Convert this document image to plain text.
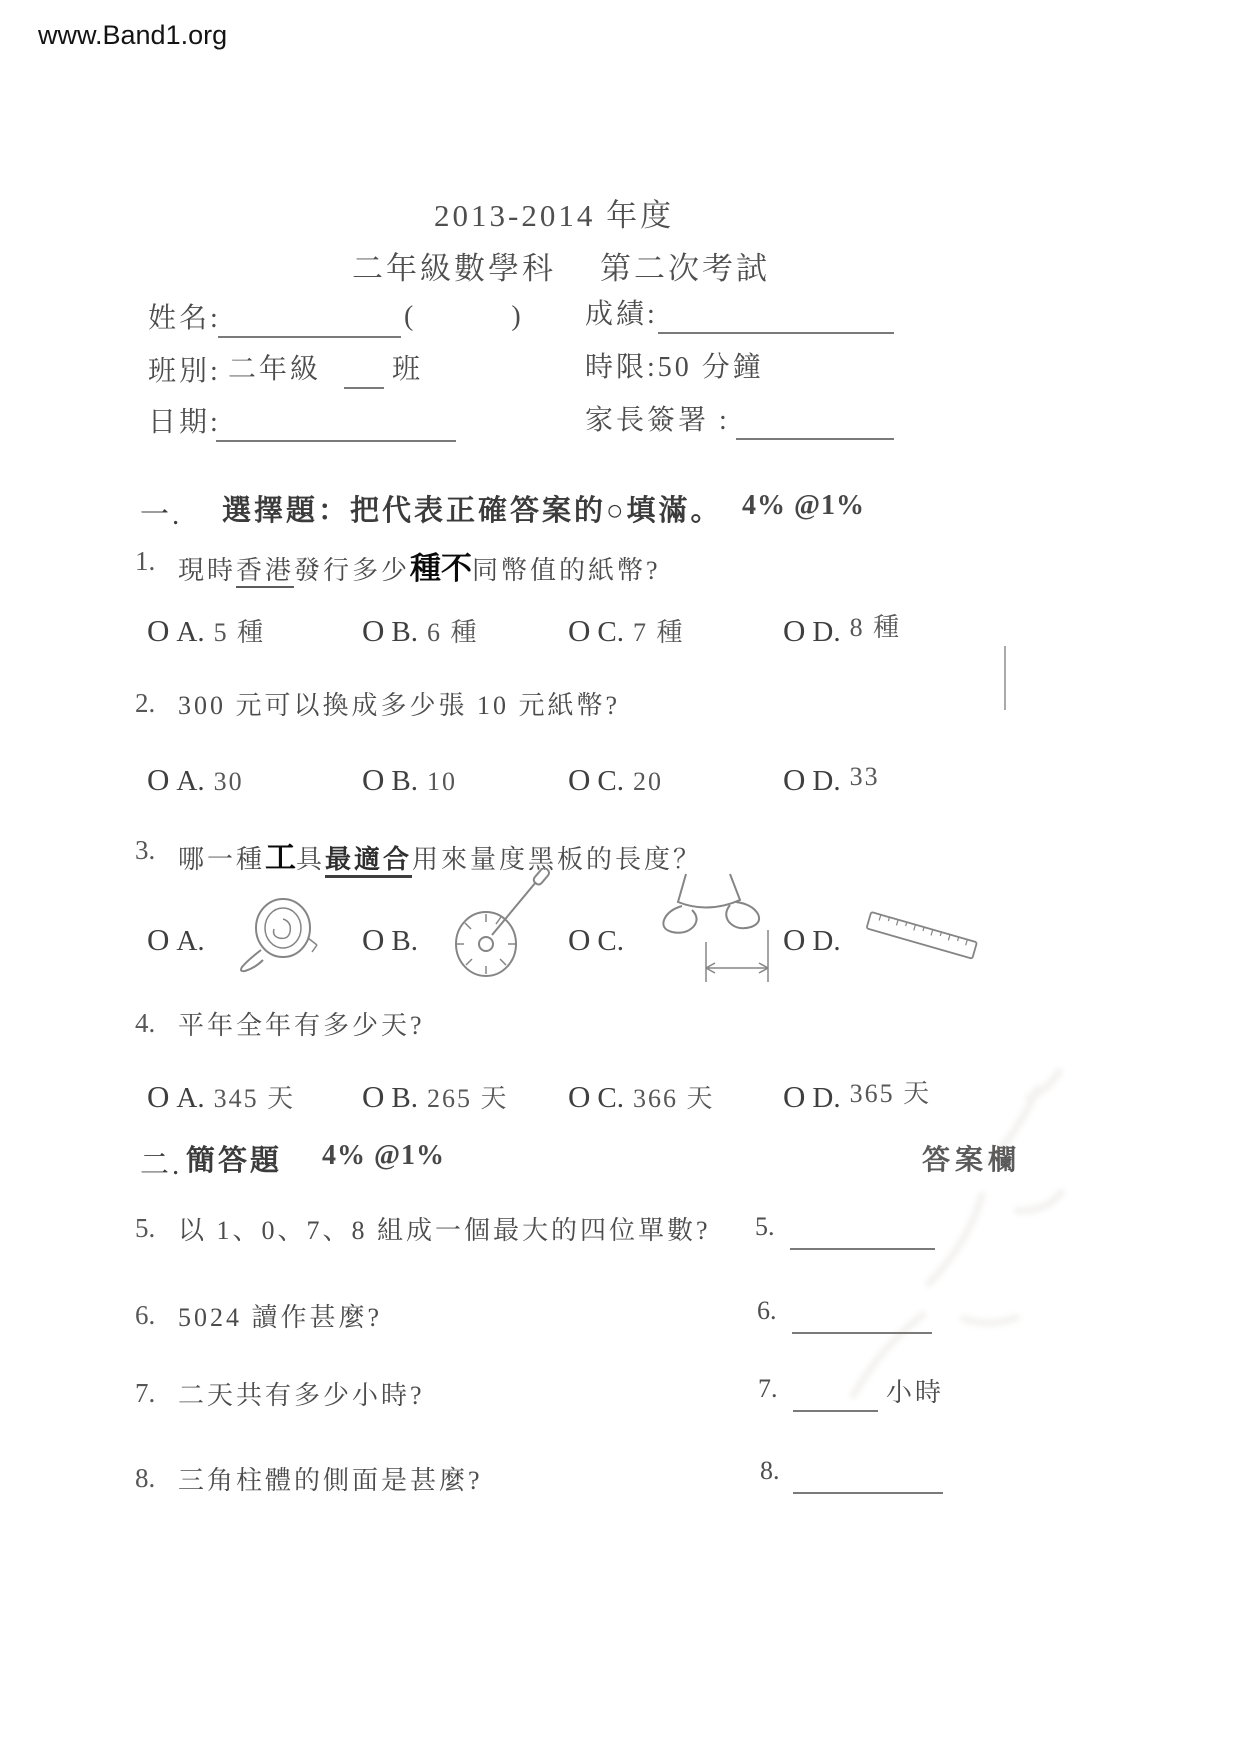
www.Band1.org
2013-2014 年度
二年級數學科 第二次考試
姓名:	(　　) 成績:
班別: 二年級	班	時限:50 分鐘
日期:	家長簽署 :
一. 選擇題：把代表正確答案的○填滿。 4% @1%
1. 現時香港發行多少種不同幣值的紙幣?
O A. 5 種	O B. 6 種	O C. 7 種	O D. 8 種
2. 300 元可以換成多少張 10 元紙幣?
O A. 30	O B. 10	O C. 20	O D. 33
3. 哪一種工具最適合用來量度黑板的長度？
O A.	O B.	O C.	O D.
4. 平年全年有多少天?
O A. 345 天 O B. 265 天 O C. 366 天 O D. 365 天
二. 簡答題 4% @1%	答案欄
5. 以 1、0、7、8 組成一個最大的四位單數? 5.
6. 5024 讀作甚麼?	6.
7. 二天共有多少小時?	7.	小時
8. 三角柱體的側面是甚麼?	8.
